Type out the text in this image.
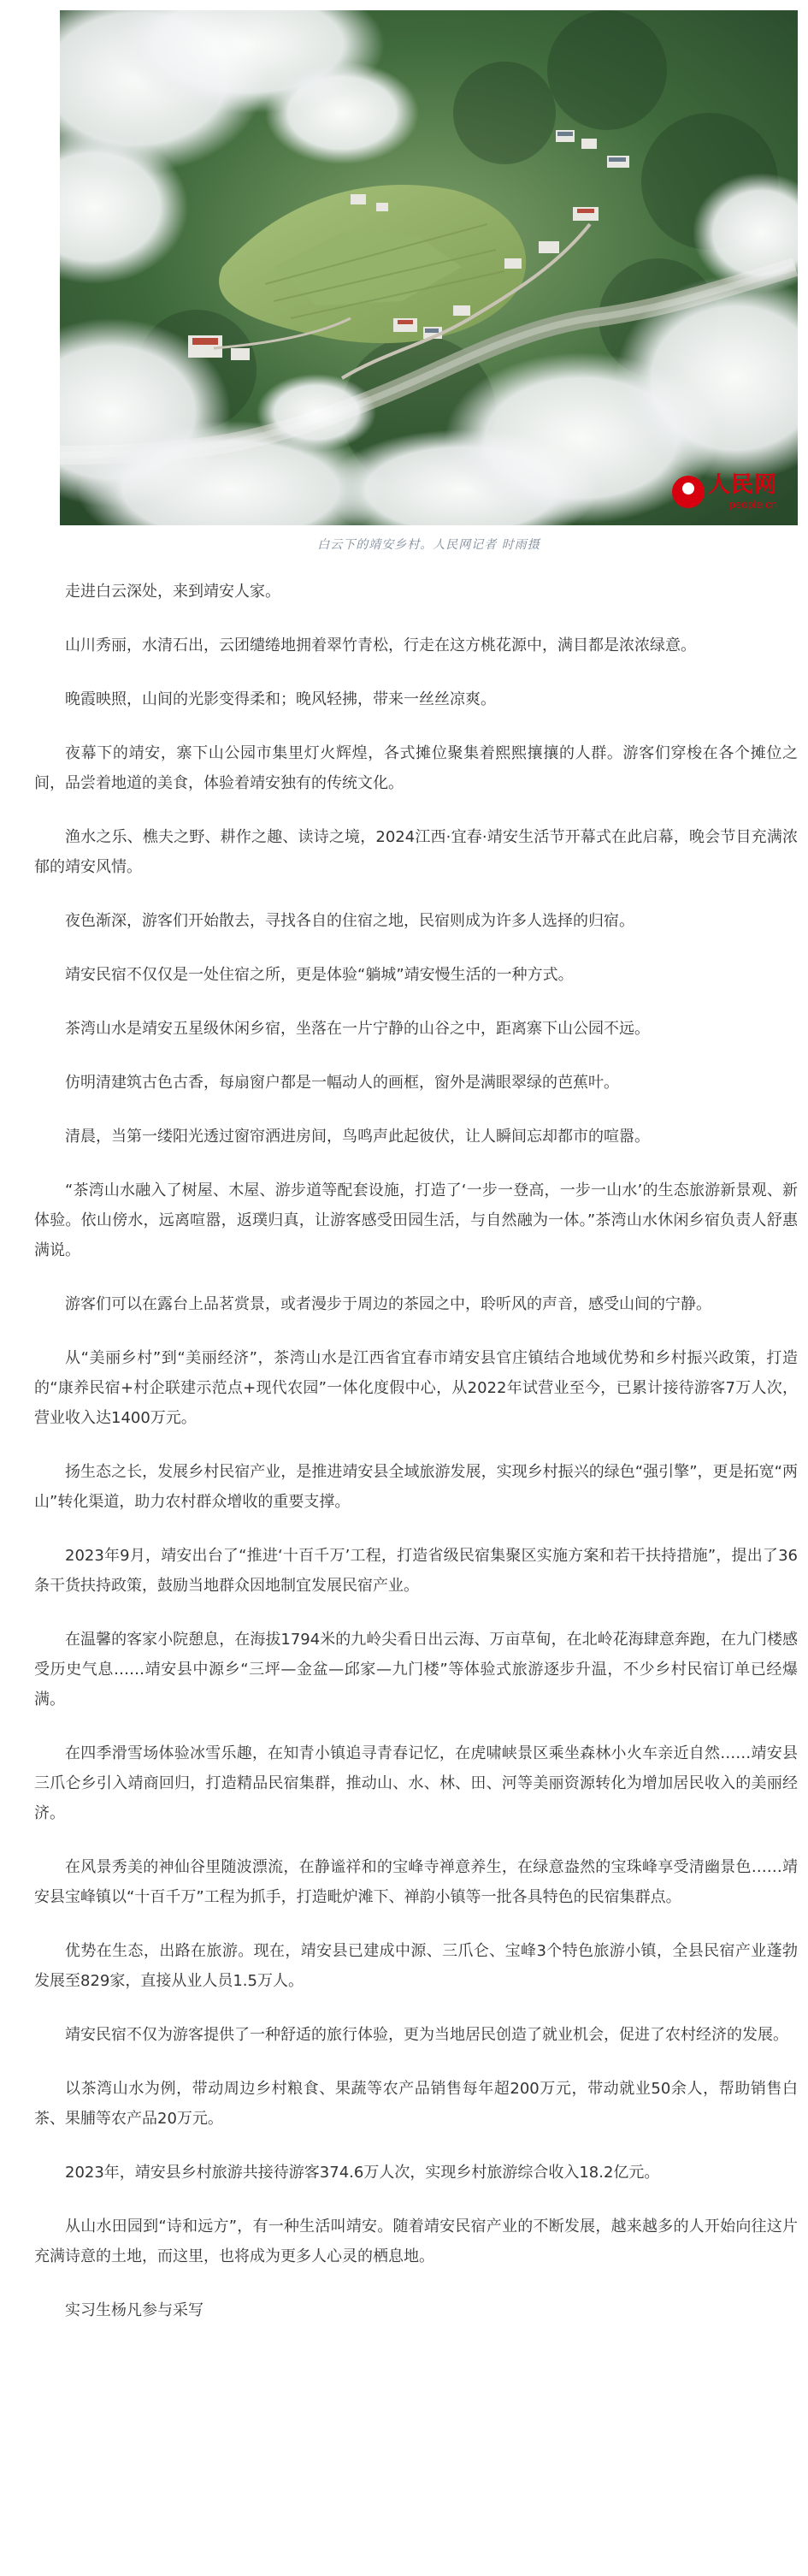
人民网
people.cn
白云下的靖安乡村。人民网记者 时雨摄

走进白云深处，来到靖安人家。

山川秀丽，水清石出，云团缱绻地拥着翠竹青松，行走在这方桃花源中，满目都是浓浓绿意。

晚霞映照，山间的光影变得柔和；晚风轻拂，带来一丝丝凉爽。

夜幕下的靖安，寨下山公园市集里灯火辉煌，各式摊位聚集着熙熙攘攘的人群。游客们穿梭在各个摊位之间，品尝着地道的美食，体验着靖安独有的传统文化。

渔水之乐、樵夫之野、耕作之趣、读诗之境，2024江西·宜春·靖安生活节开幕式在此启幕，晚会节目充满浓郁的靖安风情。

夜色渐深，游客们开始散去，寻找各自的住宿之地，民宿则成为许多人选择的归宿。

靖安民宿不仅仅是一处住宿之所，更是体验“躺城”靖安慢生活的一种方式。

茶湾山水是靖安五星级休闲乡宿，坐落在一片宁静的山谷之中，距离寨下山公园不远。

仿明清建筑古色古香，每扇窗户都是一幅动人的画框，窗外是满眼翠绿的芭蕉叶。

清晨，当第一缕阳光透过窗帘洒进房间，鸟鸣声此起彼伏，让人瞬间忘却都市的喧嚣。

“茶湾山水融入了树屋、木屋、游步道等配套设施，打造了‘一步一登高，一步一山水’的生态旅游新景观、新体验。依山傍水，远离喧嚣，返璞归真，让游客感受田园生活，与自然融为一体。”茶湾山水休闲乡宿负责人舒惠满说。

游客们可以在露台上品茗赏景，或者漫步于周边的茶园之中，聆听风的声音，感受山间的宁静。

从“美丽乡村”到“美丽经济”，茶湾山水是江西省宜春市靖安县官庄镇结合地域优势和乡村振兴政策，打造的“康养民宿+村企联建示范点+现代农园”一体化度假中心，从2022年试营业至今，已累计接待游客7万人次，营业收入达1400万元。

扬生态之长，发展乡村民宿产业，是推进靖安县全域旅游发展，实现乡村振兴的绿色“强引擎”，更是拓宽“两山”转化渠道，助力农村群众增收的重要支撑。

2023年9月，靖安出台了“推进‘十百千万’工程，打造省级民宿集聚区实施方案和若干扶持措施”，提出了36条干货扶持政策，鼓励当地群众因地制宜发展民宿产业。

在温馨的客家小院憩息，在海拔1794米的九岭尖看日出云海、万亩草甸，在北岭花海肆意奔跑，在九门楼感受历史气息……靖安县中源乡“三坪—金盆—邱家—九门楼”等体验式旅游逐步升温，不少乡村民宿订单已经爆满。

在四季滑雪场体验冰雪乐趣，在知青小镇追寻青春记忆，在虎啸峡景区乘坐森林小火车亲近自然……靖安县三爪仑乡引入靖商回归，打造精品民宿集群，推动山、水、林、田、河等美丽资源转化为增加居民收入的美丽经济。

在风景秀美的神仙谷里随波漂流，在静谧祥和的宝峰寺禅意养生，在绿意盎然的宝珠峰享受清幽景色……靖安县宝峰镇以“十百千万”工程为抓手，打造毗炉滩下、禅韵小镇等一批各具特色的民宿集群点。

优势在生态，出路在旅游。现在，靖安县已建成中源、三爪仑、宝峰3个特色旅游小镇，全县民宿产业蓬勃发展至829家，直接从业人员1.5万人。

靖安民宿不仅为游客提供了一种舒适的旅行体验，更为当地居民创造了就业机会，促进了农村经济的发展。

以茶湾山水为例，带动周边乡村粮食、果蔬等农产品销售每年超200万元，带动就业50余人，帮助销售白茶、果脯等农产品20万元。

2023年，靖安县乡村旅游共接待游客374.6万人次，实现乡村旅游综合收入18.2亿元。

从山水田园到“诗和远方”，有一种生活叫靖安。随着靖安民宿产业的不断发展，越来越多的人开始向往这片充满诗意的土地，而这里，也将成为更多人心灵的栖息地。

实习生杨凡参与采写
